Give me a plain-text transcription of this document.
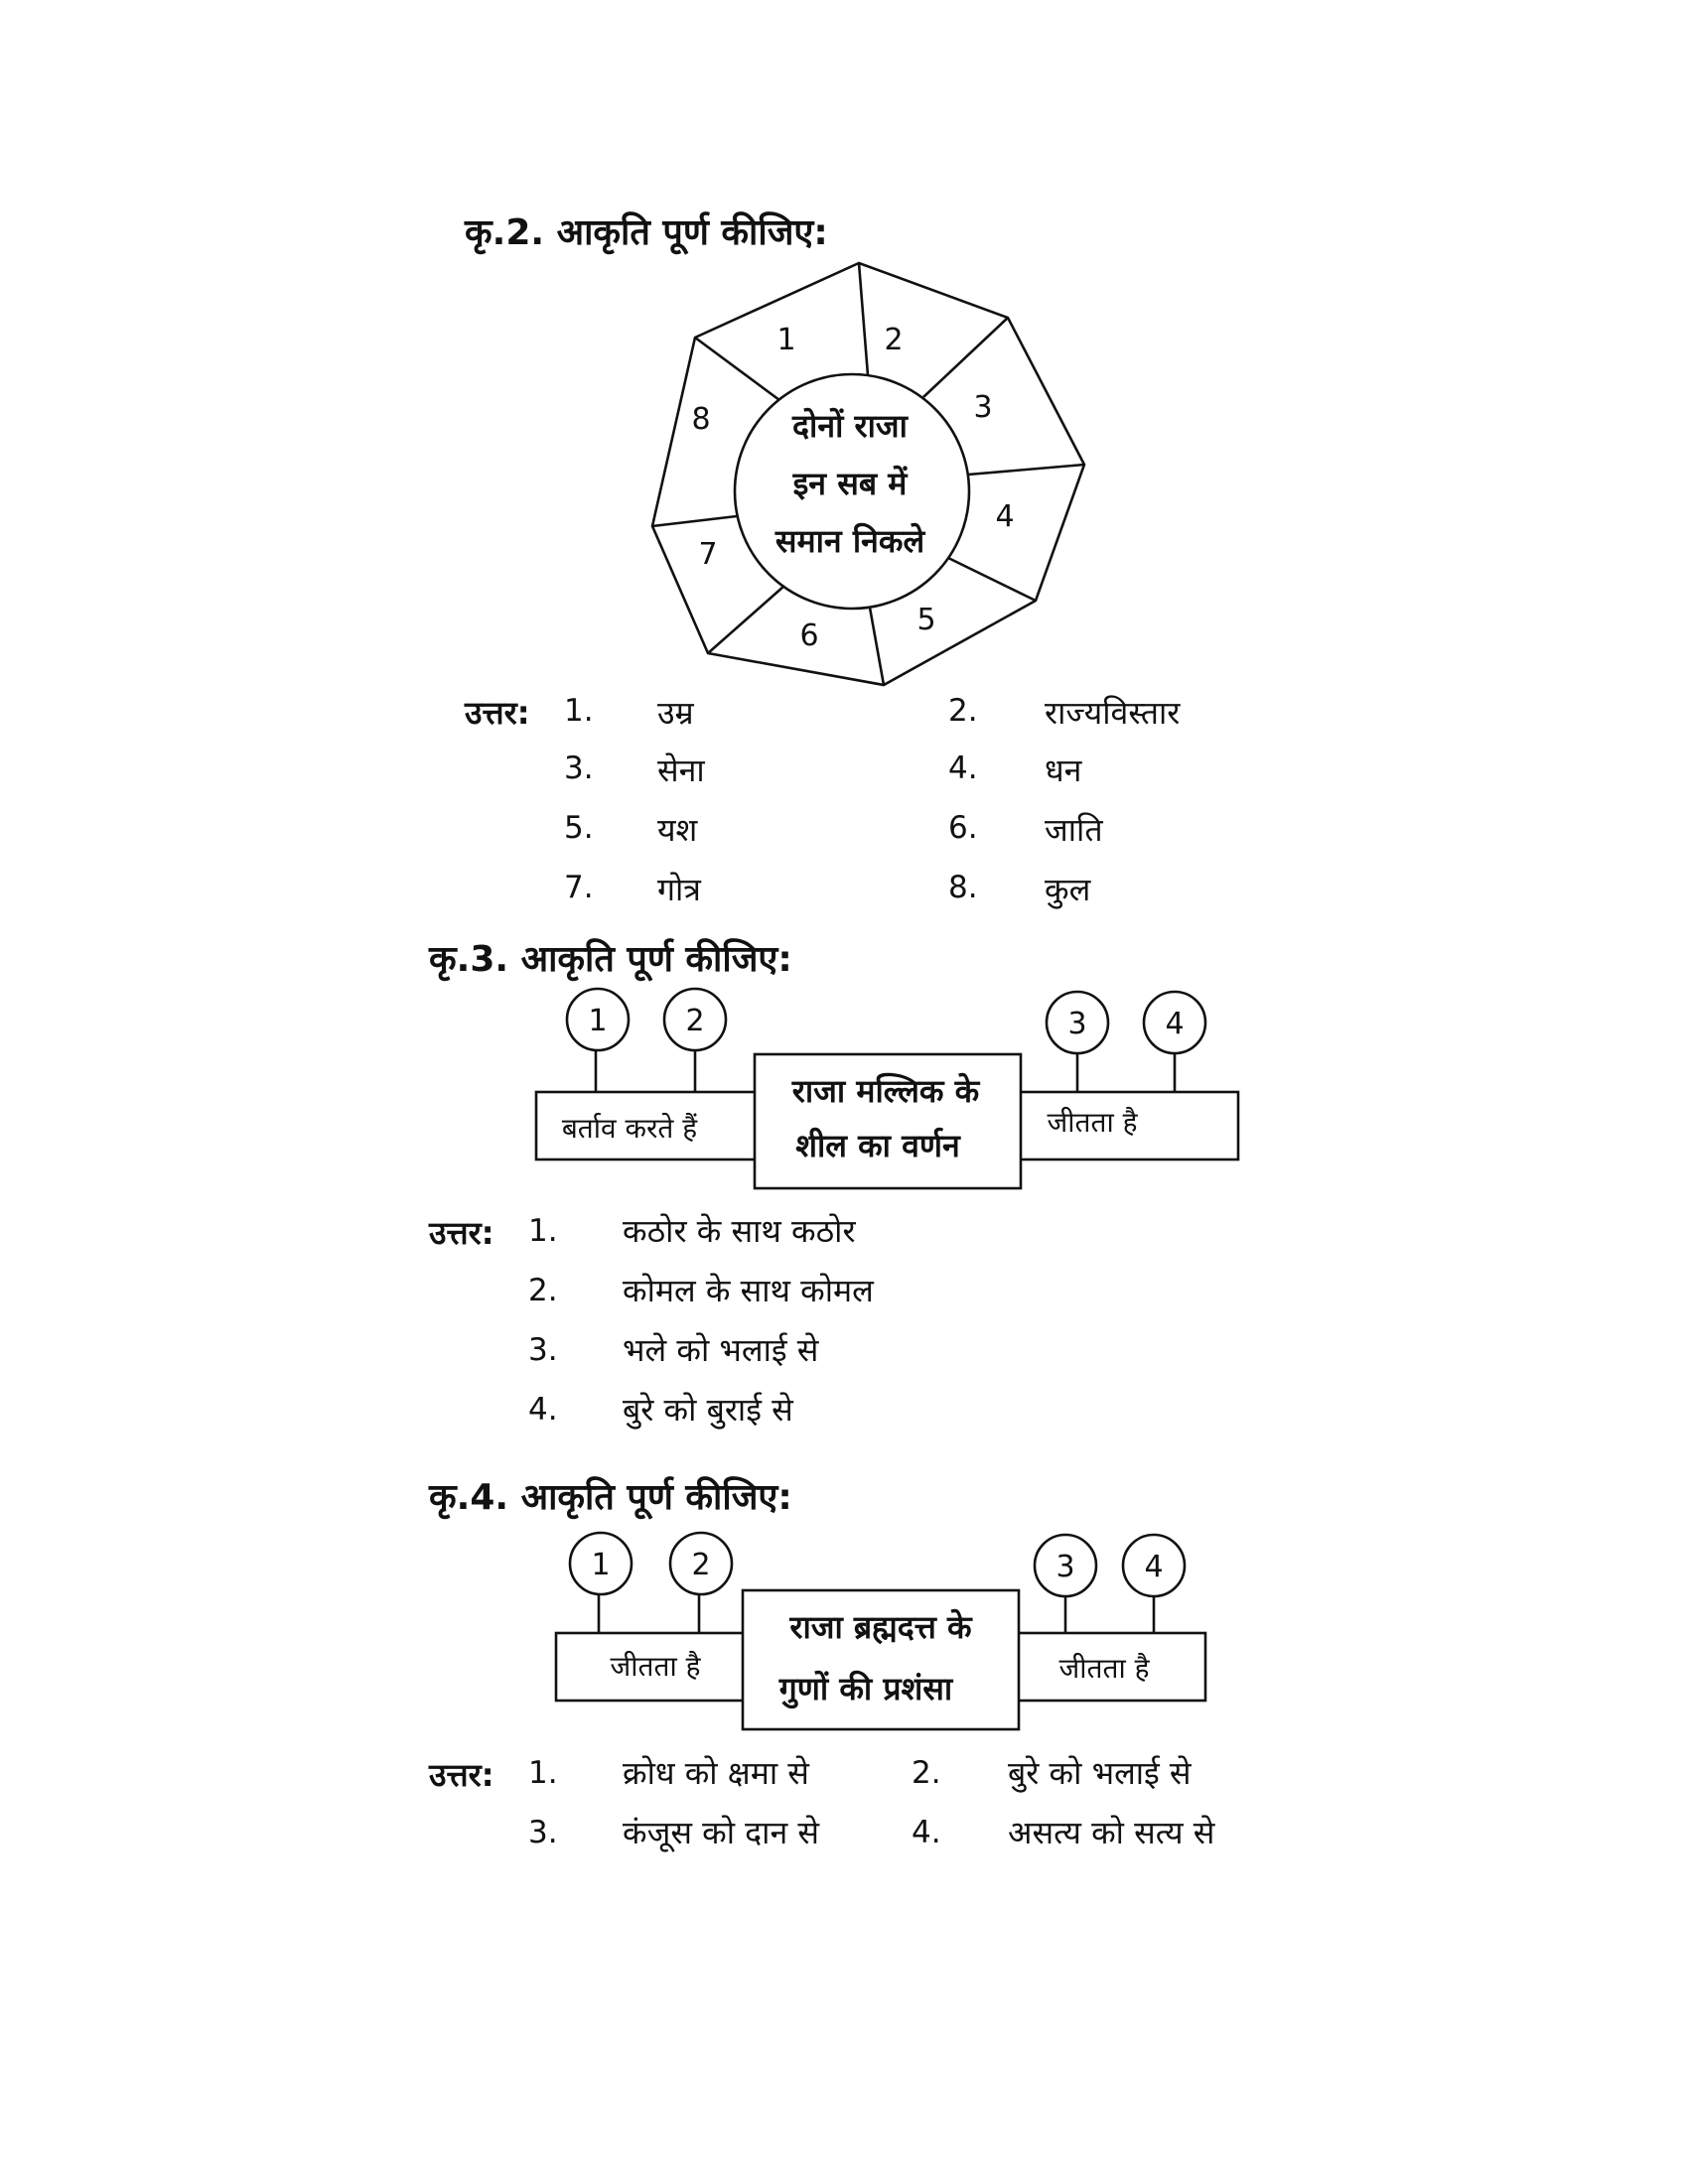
कृ.2. आकृति पूर्ण कीजिए:
1	2
3
4
5
6
7
8	दोनों राजा
इन सब में
समान निकले
उत्तर: 1. उम्र	2. राज्यविस्तार
3. सेना	4. धन
5. यश	6. जाति
7. गोत्र	8. कुल
कृ.3. आकृति पूर्ण कीजिए:
1	2	3	4
बर्ताव करते हैं	जीतता है
राजा मल्लिक के
शील का वर्णन
उत्तर: 1. कठोर के साथ कठोर
2. कोमल के साथ कोमल
3. भले को भलाई से
4. बुरे को बुराई से
कृ.4. आकृति पूर्ण कीजिए:
1	2	3 4
जीतता है	जीतता है
राजा ब्रह्मदत्त के
गुणों की प्रशंसा
उत्तर: 1. क्रोध को क्षमा से	2. बुरे को भलाई से
3. कंजूस को दान से	4. असत्य को सत्य से
